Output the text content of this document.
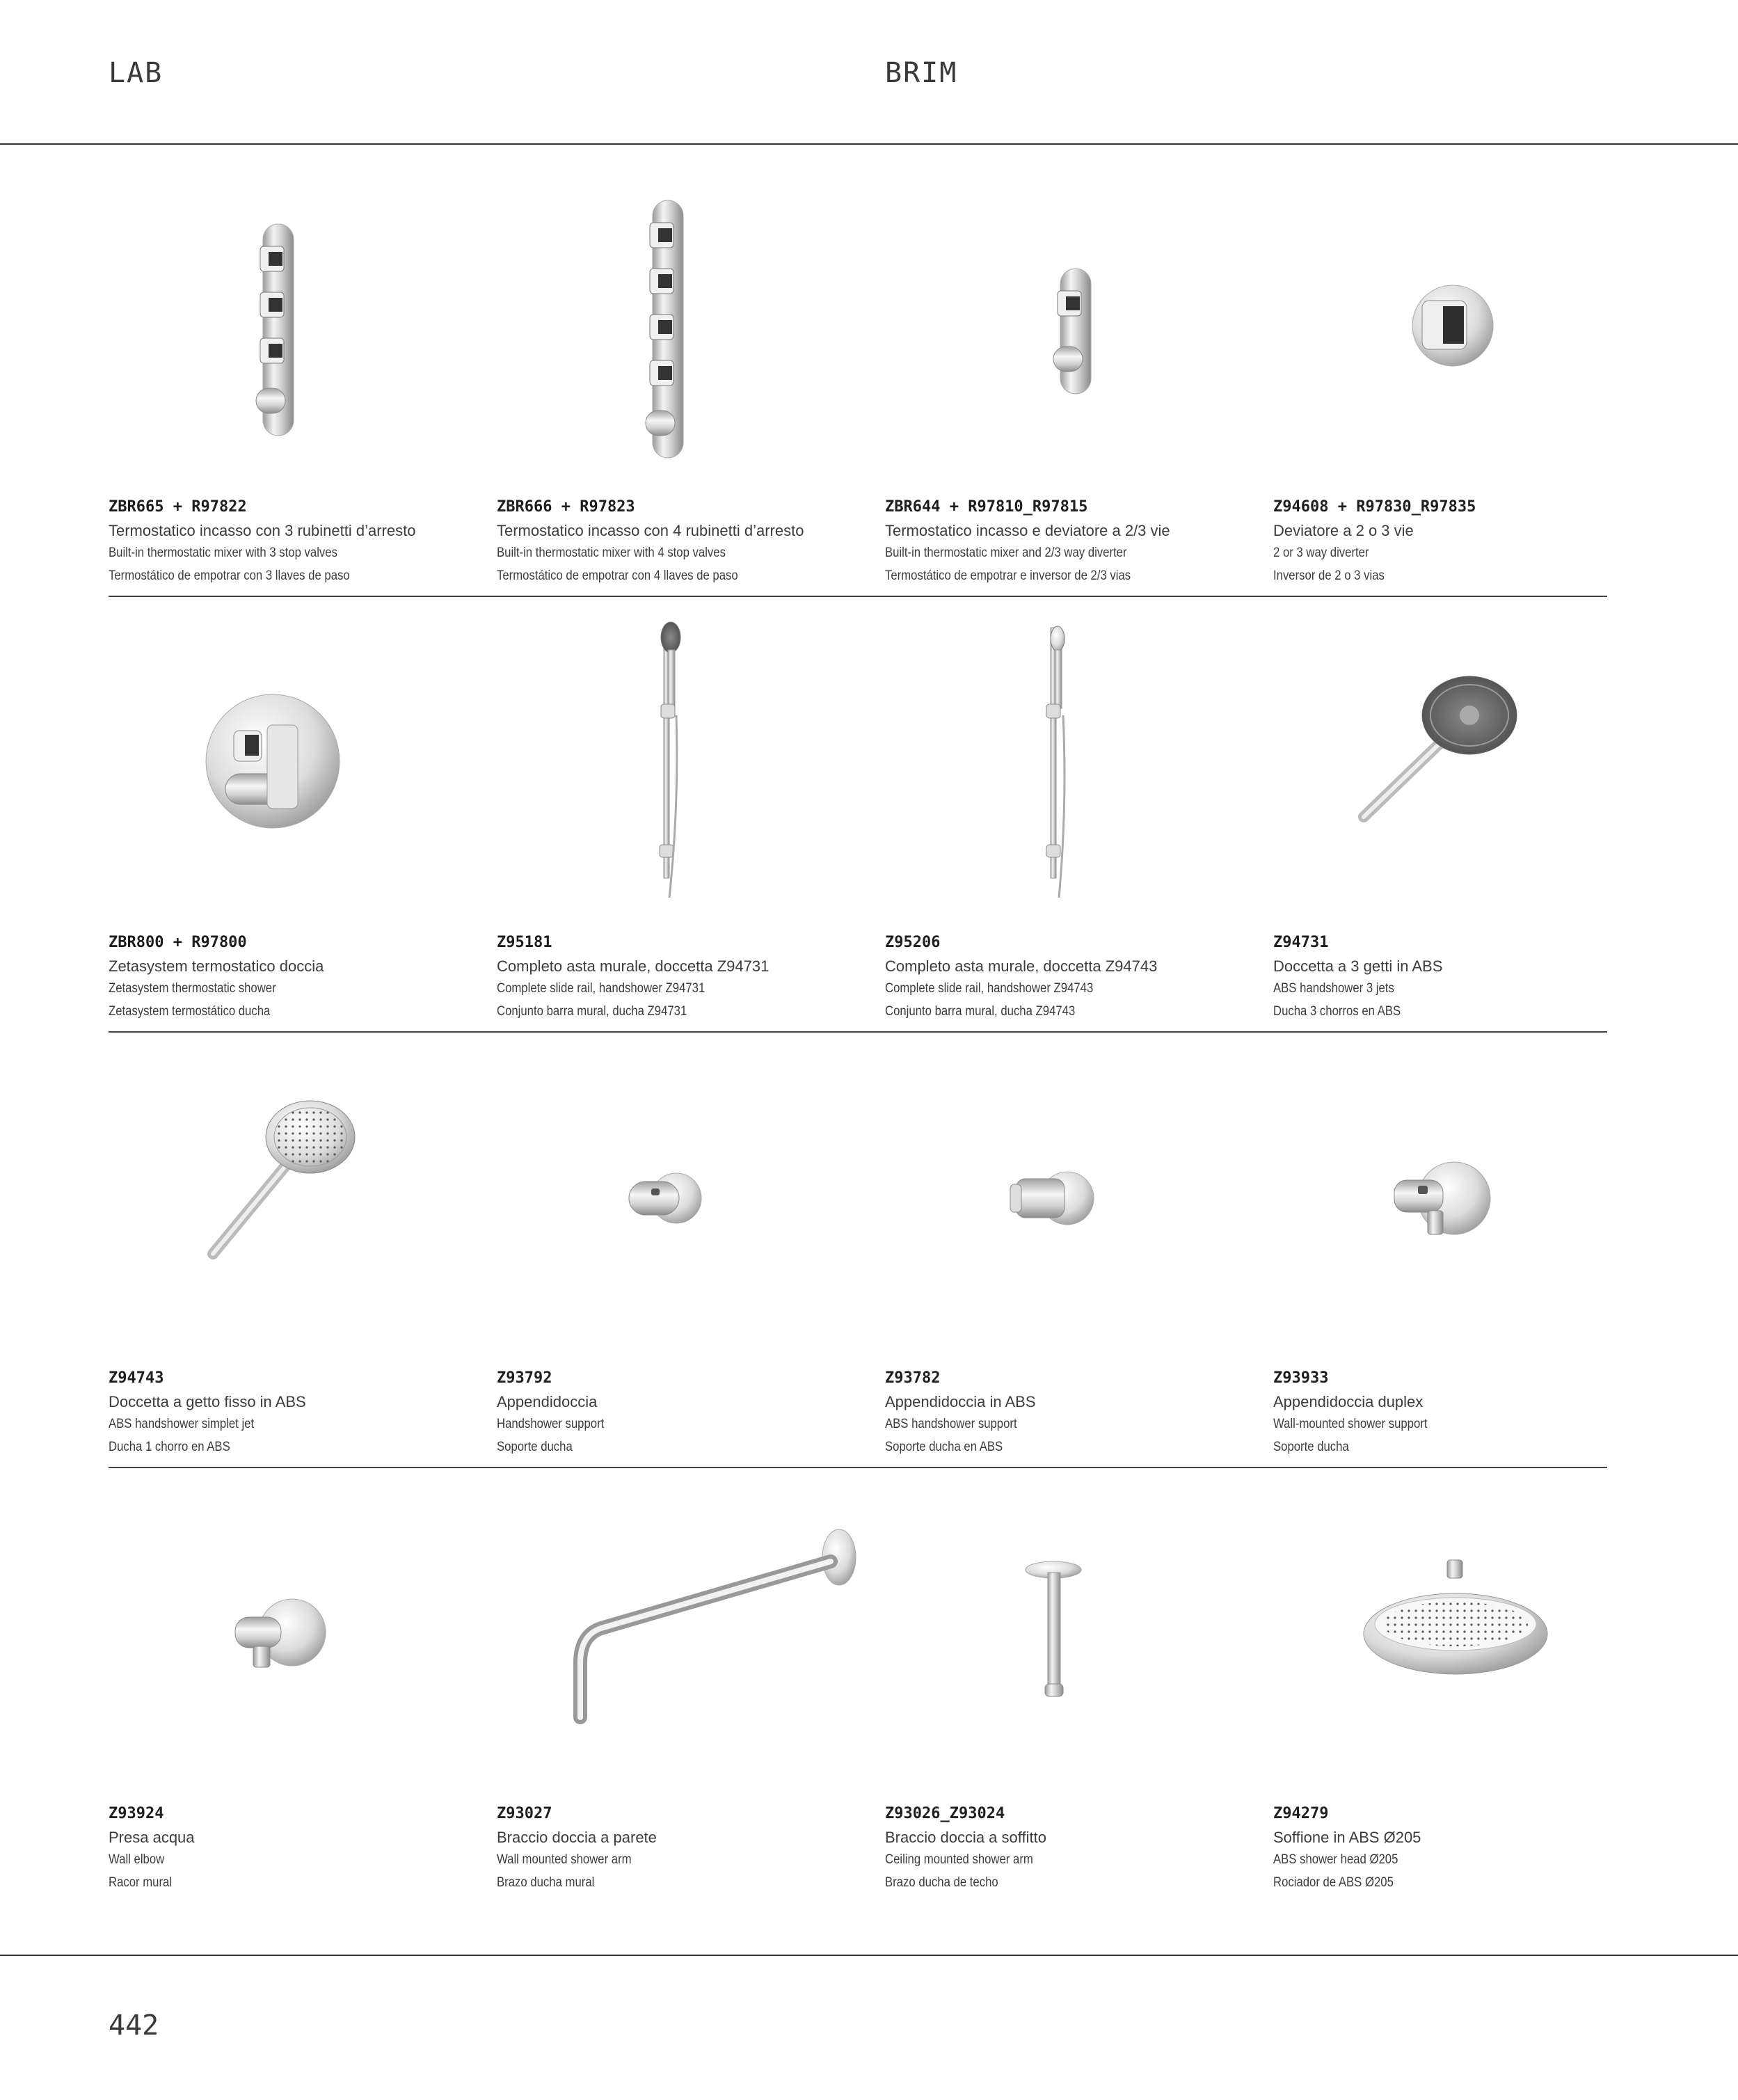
LAB	BRIM
ZBR665 + R97822
Termostatico incasso con 3 rubinetti d’arresto
Built-in thermostatic mixer with 3 stop valves
Termostático de empotrar con 3 llaves de paso
ZBR666 + R97823
Termostatico incasso con 4 rubinetti d’arresto
Built-in thermostatic mixer with 4 stop valves
Termostático de empotrar con 4 llaves de paso
ZBR644 + R97810_R97815
Termostatico incasso e deviatore a 2/3 vie
Built-in thermostatic mixer and 2/3 way diverter
Termostático de empotrar e inversor de 2/3 vias
Z94608 + R97830_R97835
Deviatore a 2 o 3 vie
2 or 3 way diverter
Inversor de 2 o 3 vias
ZBR800 + R97800
Zetasystem termostatico doccia
Zetasystem thermostatic shower
Zetasystem termostático ducha
Z95181
Completo asta murale, doccetta Z94731
Complete slide rail, handshower Z94731
Conjunto barra mural, ducha Z94731
Z95206
Completo asta murale, doccetta Z94743
Complete slide rail, handshower Z94743
Conjunto barra mural, ducha Z94743
Z94731
Doccetta a 3 getti in ABS
ABS handshower 3 jets
Ducha 3 chorros en ABS
Z94743
Doccetta a getto fisso in ABS
ABS handshower simplet jet
Ducha 1 chorro en ABS
Z93792
Appendidoccia
Handshower support
Soporte ducha
Z93782
Appendidoccia in ABS
ABS handshower support
Soporte ducha en ABS
Z93933
Appendidoccia duplex
Wall-mounted shower support
Soporte ducha
Z93924
Presa acqua
Wall elbow
Racor mural
Z93027
Braccio doccia a parete
Wall mounted shower arm
Brazo ducha mural
Z93026_Z93024
Braccio doccia a soffitto
Ceiling mounted shower arm
Brazo ducha de techo
Z94279
Soffione in ABS Ø205
ABS shower head Ø205
Rociador de ABS Ø205
442
